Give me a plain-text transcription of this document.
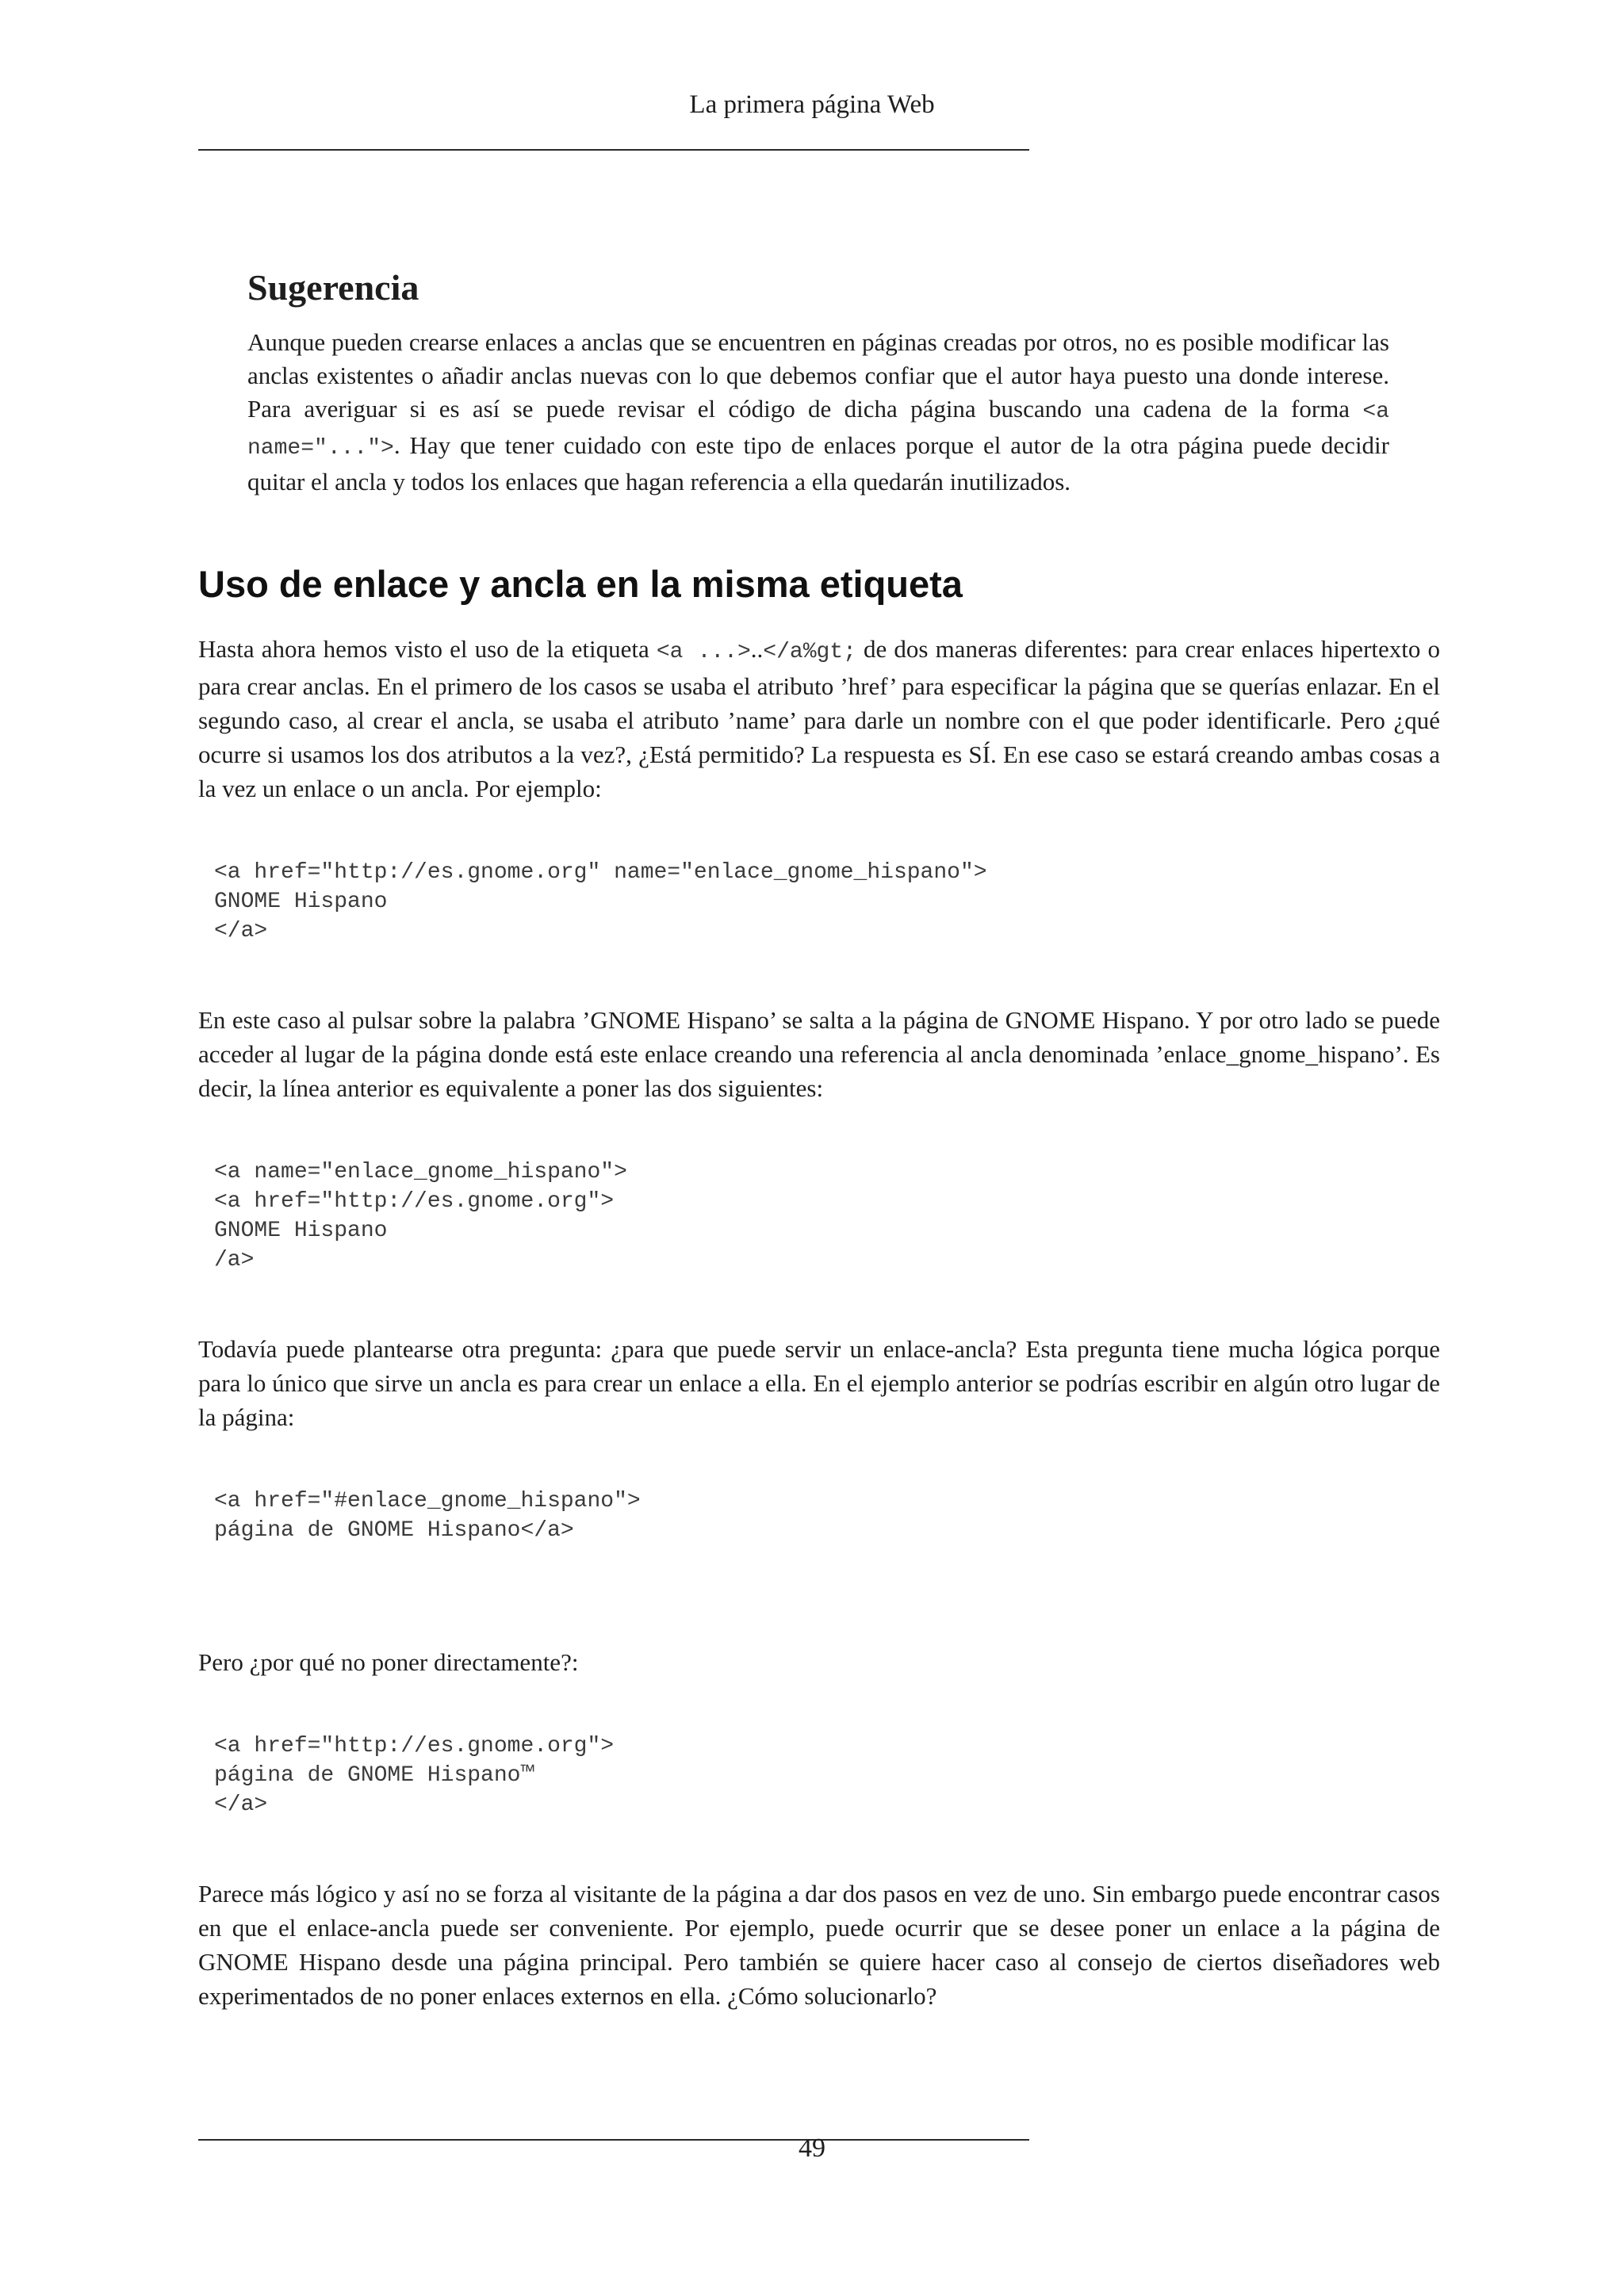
La primera página Web
Sugerencia

Aunque pueden crearse enlaces a anclas que se encuentren en páginas creadas por otros, no es posible modificar las anclas existentes o añadir anclas nuevas con lo que debemos confiar que el autor haya puesto una donde interese. Para averiguar si es así se puede revisar el código de dicha página buscando una cadena de la forma <a name="...">. Hay que tener cuidado con este tipo de enlaces porque el autor de la otra página puede decidir quitar el ancla y todos los enlaces que hagan referencia a ella quedarán inutilizados.

Uso de enlace y ancla en la misma etiqueta

Hasta ahora hemos visto el uso de la etiqueta <a ...>..</a%gt; de dos maneras diferentes: para crear enlaces hipertexto o para crear anclas. En el primero de los casos se usaba el atributo ’href’ para especificar la página que se querías enlazar. En el segundo caso, al crear el ancla, se usaba el atributo ’name’ para darle un nombre con el que poder identificarle. Pero ¿qué ocurre si usamos los dos atributos a la vez?, ¿Está permitido? La respuesta es SÍ. En ese caso se estará creando ambas cosas a la vez un enlace o un ancla. Por ejemplo:

<a href="http://es.gnome.org" name="enlace_gnome_hispano">
GNOME Hispano
</a>

En este caso al pulsar sobre la palabra ’GNOME Hispano’ se salta a la página de GNOME Hispano. Y por otro lado se puede acceder al lugar de la página donde está este enlace creando una referencia al ancla denominada ’enlace_gnome_hispano’. Es decir, la línea anterior es equivalente a poner las dos siguientes:

<a name="enlace_gnome_hispano">
<a href="http://es.gnome.org">
GNOME Hispano
/a>

Todavía puede plantearse otra pregunta: ¿para que puede servir un enlace-ancla? Esta pregunta tiene mucha lógica porque para lo único que sirve un ancla es para crear un enlace a ella. En el ejemplo anterior se podrías escribir en algún otro lugar de la página:

<a href="#enlace_gnome_hispano">
página de GNOME Hispano</a>

Pero ¿por qué no poner directamente?:

<a href="http://es.gnome.org">
página de GNOME Hispano™
</a>

Parece más lógico y así no se forza al visitante de la página a dar dos pasos en vez de uno. Sin embargo puede encontrar casos en que el enlace-ancla puede ser conveniente. Por ejemplo, puede ocurrir que se desee poner un enlace a la página de GNOME Hispano desde una página principal. Pero también se quiere hacer caso al consejo de ciertos diseñadores web experimentados de no poner enlaces externos en ella. ¿Cómo solucionarlo?

49
